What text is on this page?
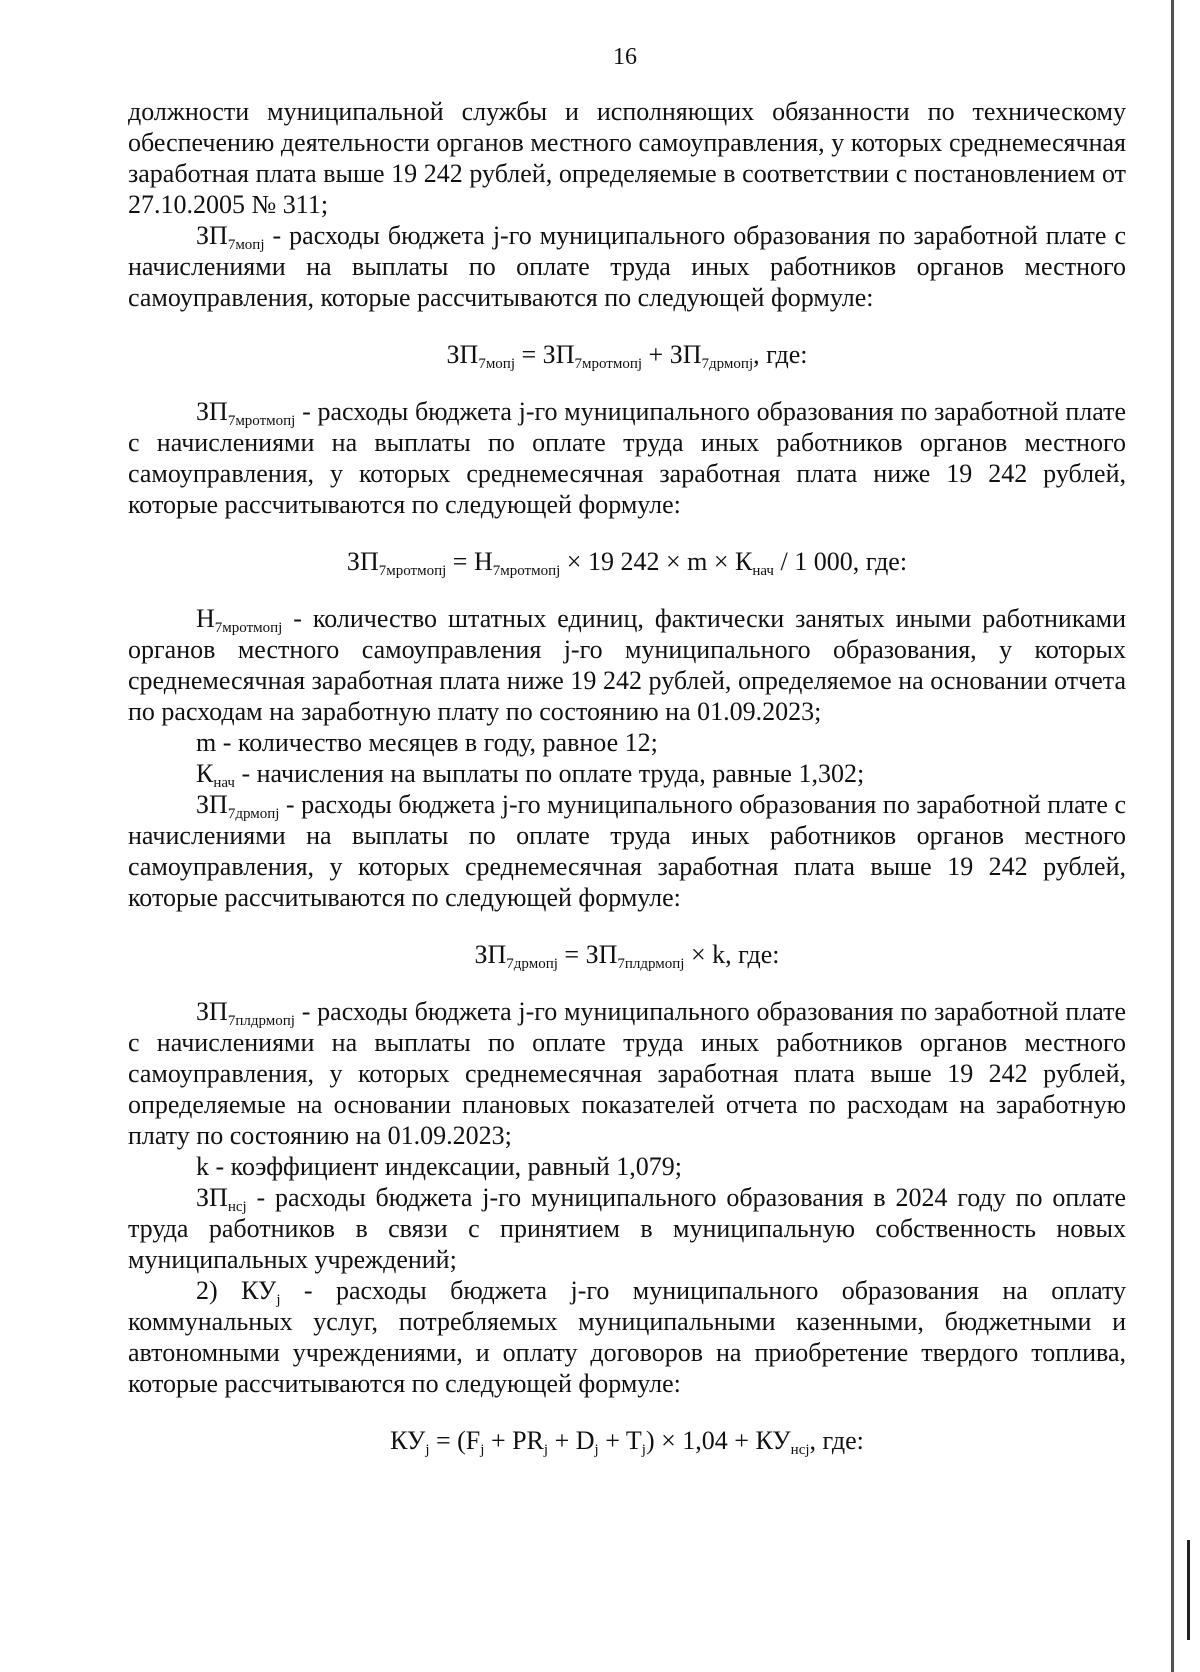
16

должности муниципальной службы и исполняющих обязанности по техническому обеспечению деятельности органов местного самоуправления, у которых среднемесячная заработная плата выше 19 242 рублей, определяемые в соответствии с постановлением от 27.10.2005 № 311;

$ЗП_{7мопj}$ - расходы бюджета j-го муниципального образования по заработной плате с начислениями на выплаты по оплате труда иных работников органов местного самоуправления, которые рассчитываются по следующей формуле:

$ЗП_{7мопj} = ЗП_{7мротмопj} + ЗП_{7дрмопj}$, где:

$ЗП_{7мротмопj}$ - расходы бюджета j-го муниципального образования по заработной плате с начислениями на выплаты по оплате труда иных работников органов местного самоуправления, у которых среднемесячная заработная плата ниже 19 242 рублей, которые рассчитываются по следующей формуле:

$ЗП_{7мротмопj} = Н_{7мротмопj} \times 19$ $242 \times m \times К_{нач} / 1$ 000, где:

$Н_{7мротмопj}$ - количество штатных единиц, фактически занятых иными работниками органов местного самоуправления j-го муниципального образования, у которых среднемесячная заработная плата ниже 19 242 рублей, определяемое на основании отчета по расходам на заработную плату по состоянию на 01.09.2023;

m - количество месяцев в году, равное 12;

$К_{нач}$ - начисления на выплаты по оплате труда, равные 1,302;

$ЗП_{7дрмопj}$ - расходы бюджета j-го муниципального образования по заработной плате с начислениями на выплаты по оплате труда иных работников органов местного самоуправления, у которых среднемесячная заработная плата выше 19 242 рублей, которые рассчитываются по следующей формуле:

$ЗП_{7дрмопj} = ЗП_{7плдрмопj} \times k$, где:

$ЗП_{7плдрмопj}$ - расходы бюджета j-го муниципального образования по заработной плате с начислениями на выплаты по оплате труда иных работников органов местного самоуправления, у которых среднемесячная заработная плата выше 19 242 рублей, определяемые на основании плановых показателей отчета по расходам на заработную плату по состоянию на 01.09.2023;

k - коэффициент индексации, равный 1,079;

$ЗП_{нсj}$ - расходы бюджета j-го муниципального образования в 2024 году по оплате труда работников в связи с принятием в муниципальную собственность новых муниципальных учреждений;

2) $КУ_j$ - расходы бюджета j-го муниципального образования на оплату коммунальных услуг, потребляемых муниципальными казенными, бюджетными и автономными учреждениями, и оплату договоров на приобретение твердого топлива, которые рассчитываются по следующей формуле:

$КУ_j = (F_j + PR_j + D_j + T_j) \times 1,04 + КУ_{нсj}$, где:
